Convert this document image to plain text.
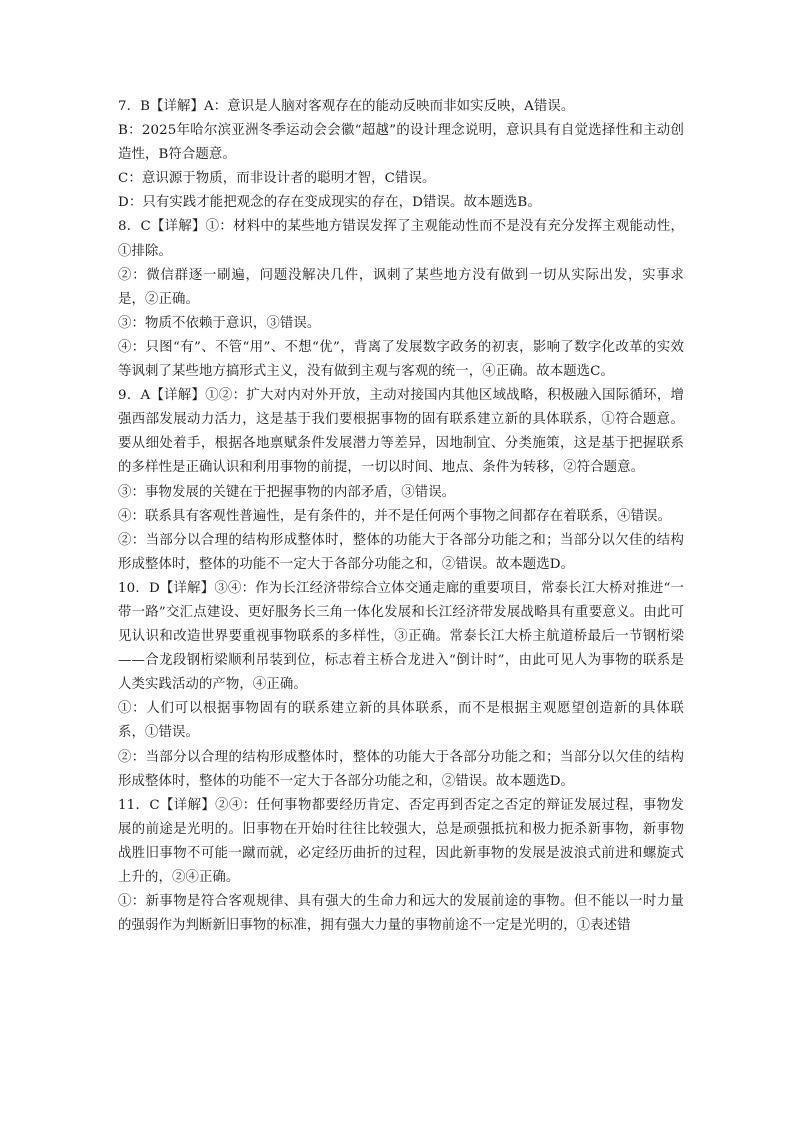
7．B【详解】A：意识是人脑对客观存在的能动反映而非如实反映，A错误。

B：2025年哈尔滨亚洲冬季运动会会徽“超越”的设计理念说明，意识具有自觉选择性和主动创造性，B符合题意。

C：意识源于物质，而非设计者的聪明才智，C错误。

D：只有实践才能把观念的存在变成现实的存在，D错误。故本题选B。

8．C【详解】①：材料中的某些地方错误发挥了主观能动性而不是没有充分发挥主观能动性，①排除。

②：微信群逐一刷遍，问题没解决几件，讽刺了某些地方没有做到一切从实际出发，实事求是，②正确。

③：物质不依赖于意识，③错误。

④：只图“有”、不管“用”、不想“优”，背离了发展数字政务的初衷，影响了数字化改革的实效等讽刺了某些地方搞形式主义，没有做到主观与客观的统一，④正确。故本题选C。

9．A【详解】①②：扩大对内对外开放，主动对接国内其他区域战略，积极融入国际循环，增强西部发展动力活力，这是基于我们要根据事物的固有联系建立新的具体联系，①符合题意。要从细处着手，根据各地禀赋条件发展潜力等差异，因地制宜、分类施策，这是基于把握联系的多样性是正确认识和利用事物的前提，一切以时间、地点、条件为转移，②符合题意。

③：事物发展的关键在于把握事物的内部矛盾，③错误。

④：联系具有客观性普遍性，是有条件的，并不是任何两个事物之间都存在着联系，④错误。

②：当部分以合理的结构形成整体时，整体的功能大于各部分功能之和；当部分以欠佳的结构形成整体时，整体的功能不一定大于各部分功能之和，②错误。故本题选D。

10．D【详解】③④：作为长江经济带综合立体交通走廊的重要项目，常泰长江大桥对推进“一带一路”交汇点建设、更好服务长三角一体化发展和长江经济带发展战略具有重要意义。由此可见认识和改造世界要重视事物联系的多样性，③正确。常泰长江大桥主航道桥最后一节钢桁梁——合龙段钢桁梁顺利吊装到位，标志着主桥合龙进入“倒计时”，由此可见人为事物的联系是人类实践活动的产物，④正确。

①：人们可以根据事物固有的联系建立新的具体联系，而不是根据主观愿望创造新的具体联系，①错误。

②：当部分以合理的结构形成整体时，整体的功能大于各部分功能之和；当部分以欠佳的结构形成整体时，整体的功能不一定大于各部分功能之和，②错误。故本题选D。

11．C【详解】②④：任何事物都要经历肯定、否定再到否定之否定的辩证发展过程，事物发展的前途是光明的。旧事物在开始时往往比较强大，总是顽强抵抗和极力扼杀新事物，新事物战胜旧事物不可能一蹴而就，必定经历曲折的过程，因此新事物的发展是波浪式前进和螺旋式上升的，②④正确。

①：新事物是符合客观规律、具有强大的生命力和远大的发展前途的事物。但不能以一时力量的强弱作为判断新旧事物的标准，拥有强大力量的事物前途不一定是光明的，①表述错
